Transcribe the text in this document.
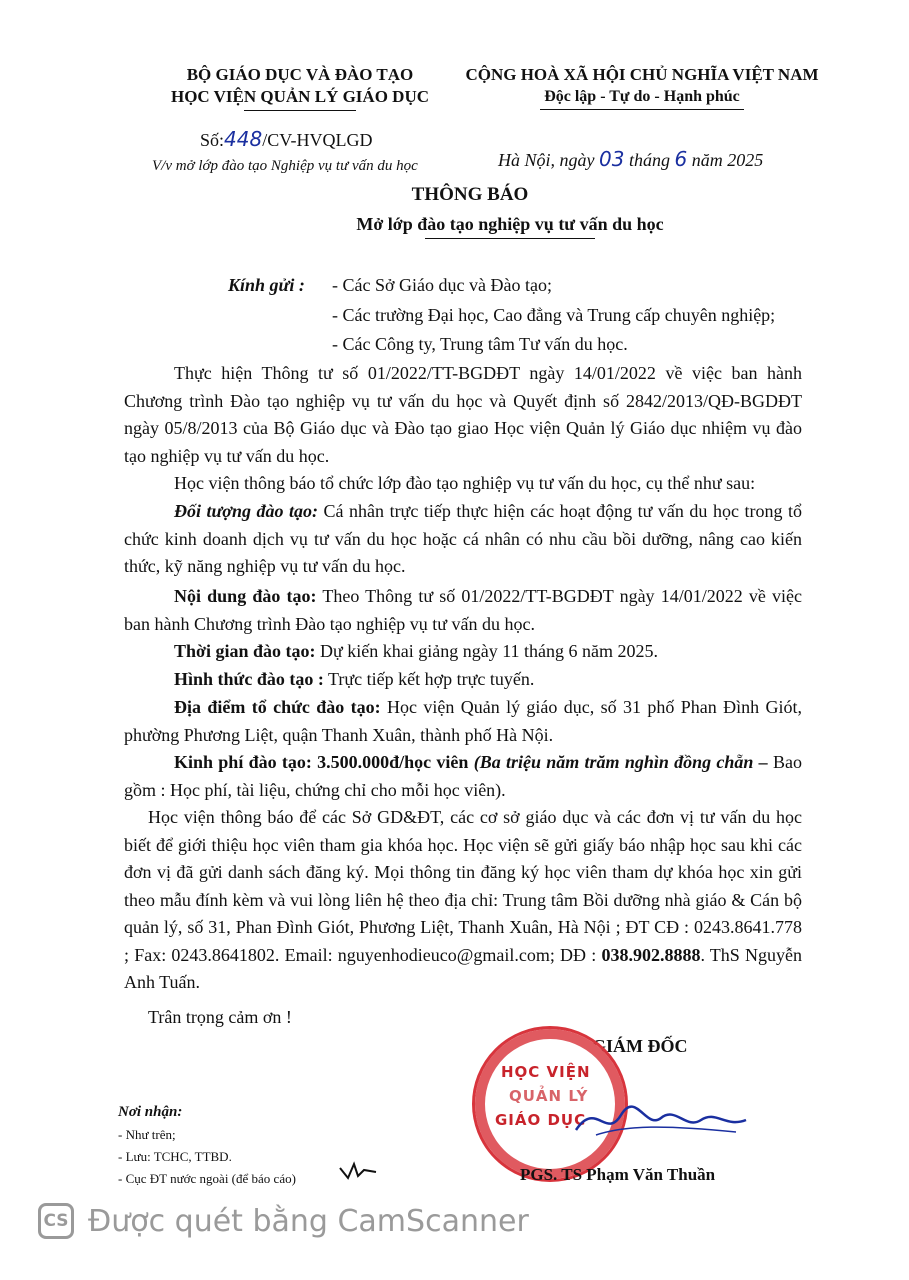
BỘ GIÁO DỤC VÀ ĐÀO TẠO
HỌC VIỆN QUẢN LÝ GIÁO DỤC
CỘNG HOÀ XÃ HỘI CHỦ NGHĨA VIỆT NAM
Độc lập - Tự do - Hạnh phúc
Số:448/CV-HVQLGD
V/v mở lớp đào tạo Nghiệp vụ tư vấn du học	Hà Nội, ngày 03 tháng 6 năm 2025
THÔNG BÁO
Mở lớp đào tạo nghiệp vụ tư vấn du học
Kính gửi : - Các Sở Giáo dục và Đào tạo;
- Các trường Đại học, Cao đẳng và Trung cấp chuyên nghiệp;
- Các Công ty, Trung tâm Tư vấn du học.
Thực hiện Thông tư số 01/2022/TT-BGDĐT ngày 14/01/2022 về việc ban hành Chương trình Đào tạo nghiệp vụ tư vấn du học và Quyết định số 2842/2013/QĐ-BGDĐT ngày 05/8/2013 của Bộ Giáo dục và Đào tạo giao Học viện Quản lý Giáo dục nhiệm vụ đào tạo nghiệp vụ tư vấn du học.
Học viện thông báo tổ chức lớp đào tạo nghiệp vụ tư vấn du học, cụ thể như sau:
Đối tượng đào tạo: Cá nhân trực tiếp thực hiện các hoạt động tư vấn du học trong tổ chức kinh doanh dịch vụ tư vấn du học hoặc cá nhân có nhu cầu bồi dưỡng, nâng cao kiến thức, kỹ năng nghiệp vụ tư vấn du học.
Nội dung đào tạo: Theo Thông tư số 01/2022/TT-BGDĐT ngày 14/01/2022 về việc ban hành Chương trình Đào tạo nghiệp vụ tư vấn du học.
Thời gian đào tạo: Dự kiến khai giảng ngày 11 tháng 6 năm 2025.
Hình thức đào tạo : Trực tiếp kết hợp trực tuyến.
Địa điểm tổ chức đào tạo: Học viện Quản lý giáo dục, số 31 phố Phan Đình Giót, phường Phương Liệt, quận Thanh Xuân, thành phố Hà Nội.
Kinh phí đào tạo: 3.500.000đ/học viên (Ba triệu năm trăm nghìn đồng chẵn – Bao gồm : Học phí, tài liệu, chứng chỉ cho mỗi học viên).
Học viện thông báo để các Sở GD&ĐT, các cơ sở giáo dục và các đơn vị tư vấn du học biết để giới thiệu học viên tham gia khóa học. Học viện sẽ gửi giấy báo nhập học sau khi các đơn vị đã gửi danh sách đăng ký. Mọi thông tin đăng ký học viên tham dự khóa học xin gửi theo mẫu đính kèm và vui lòng liên hệ theo địa chỉ: Trung tâm Bồi dưỡng nhà giáo & Cán bộ quản lý, số 31, Phan Đình Giót, Phương Liệt, Thanh Xuân, Hà Nội ; ĐT CĐ : 0243.8641.778 ; Fax: 0243.8641802. Email: nguyenhodieuco@gmail.com; DĐ : 038.902.8888. ThS Nguyễn Anh Tuấn.
Trân trọng cảm ơn !
GIÁM ĐỐC
HỌC VIỆN
QUẢN LÝ
GIÁO DỤC
PGS. TS Phạm Văn Thuần
Nơi nhận:
- Như trên;
- Lưu: TCHC, TTBD.
- Cục ĐT nước ngoài (để báo cáo)
CS Được quét bằng CamScanner
